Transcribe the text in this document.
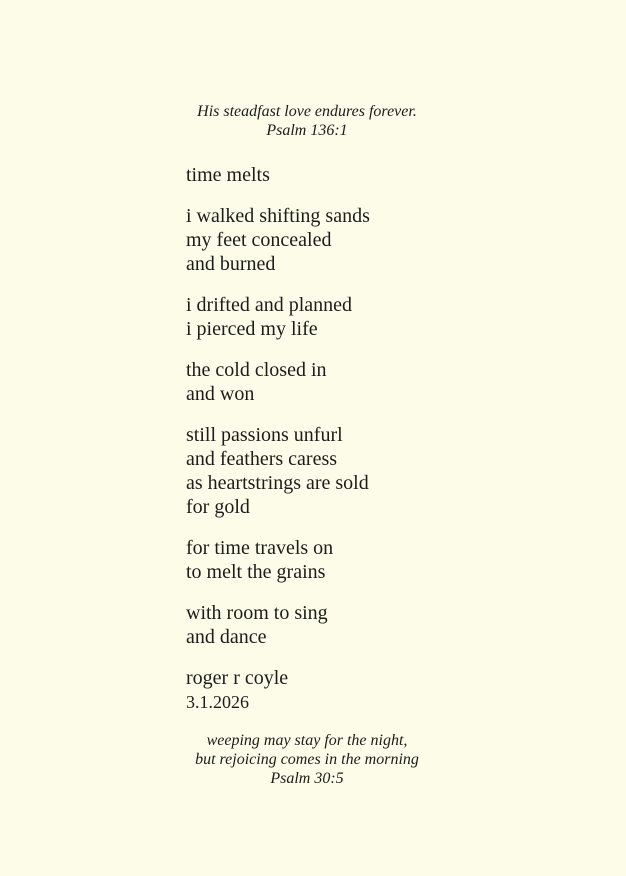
His steadfast love endures forever.
Psalm 136:1
time melts
i walked shifting sands
my feet concealed
and burned
i drifted and planned
i pierced my life
the cold closed in
and won
still passions unfurl
and feathers caress
as heartstrings are sold
for gold
for time travels on
to melt the grains
with room to sing
and dance
roger r coyle
3.1.2026
weeping may stay for the night,
but rejoicing comes in the morning
Psalm 30:5
